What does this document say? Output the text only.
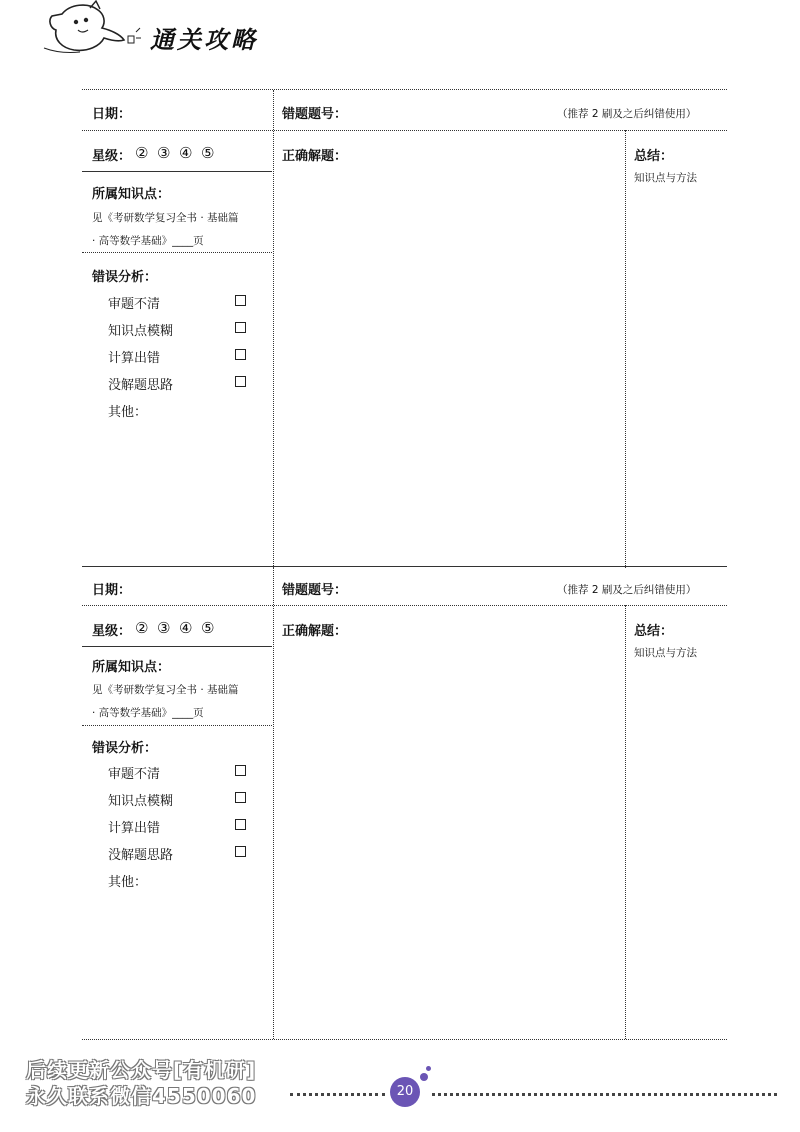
通关攻略
日期：	错题题号：	（推荐 2 刷及之后纠错使用）
星级： ② ③ ④ ⑤	正确解题：	总结：
知识点与方法
所属知识点：
见《考研数学复习全书 · 基础篇
· 高等数学基础》____页
错误分析：
审题不清
知识点模糊
计算出错
没解题思路
其他：
日期：	错题题号：	（推荐 2 刷及之后纠错使用）
星级： ② ③ ④ ⑤	正确解题：	总结：
知识点与方法
所属知识点：
见《考研数学复习全书 · 基础篇
· 高等数学基础》____页
错误分析：
审题不清
知识点模糊
计算出错
没解题思路
其他：
后续更新公众号[有机研]
永久联系微信4550060	20
